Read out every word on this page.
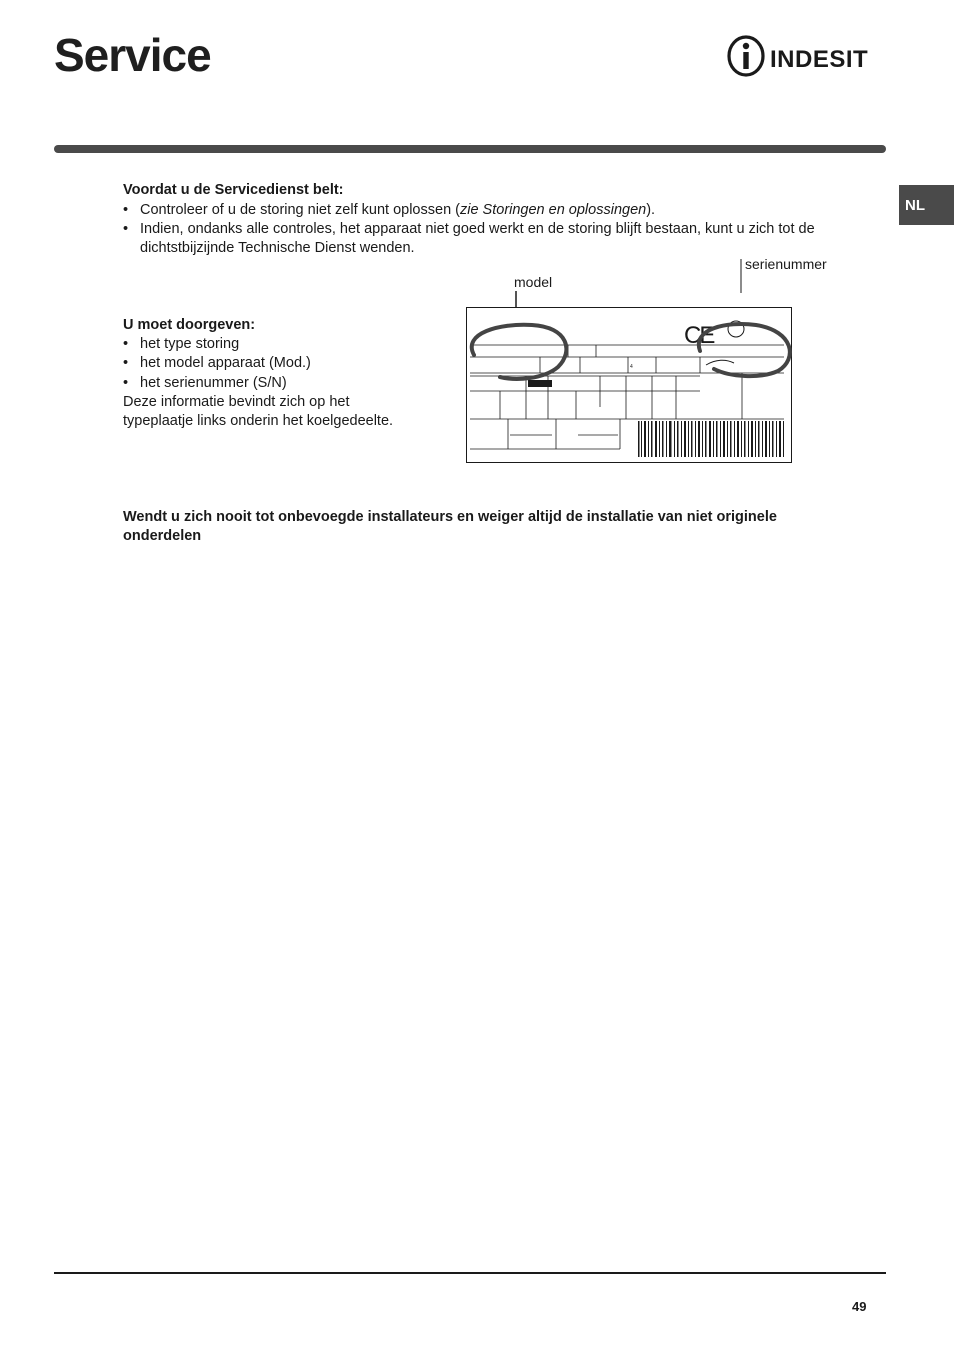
Service	INDESIT
NL
Voordat u de Servicedienst belt:
• Controleer of u de storing niet zelf kunt oplossen (zie Storingen en oplossingen).
• Indien, ondanks alle controles, het apparaat niet goed werkt en de storing blijft bestaan, kunt u zich tot de
dichtstbijzijnde Technische Dienst wenden.
U moet doorgeven:
• het type storing
• het model apparaat (Mod.)
• het serienummer (S/N)
Deze informatie bevindt zich op het
typeplaatje links onderin het koelgedeelte.
model
serienummer
CE
4
Wendt u zich nooit tot onbevoegde installateurs en weiger altijd de installatie van niet originele
onderdelen
49
